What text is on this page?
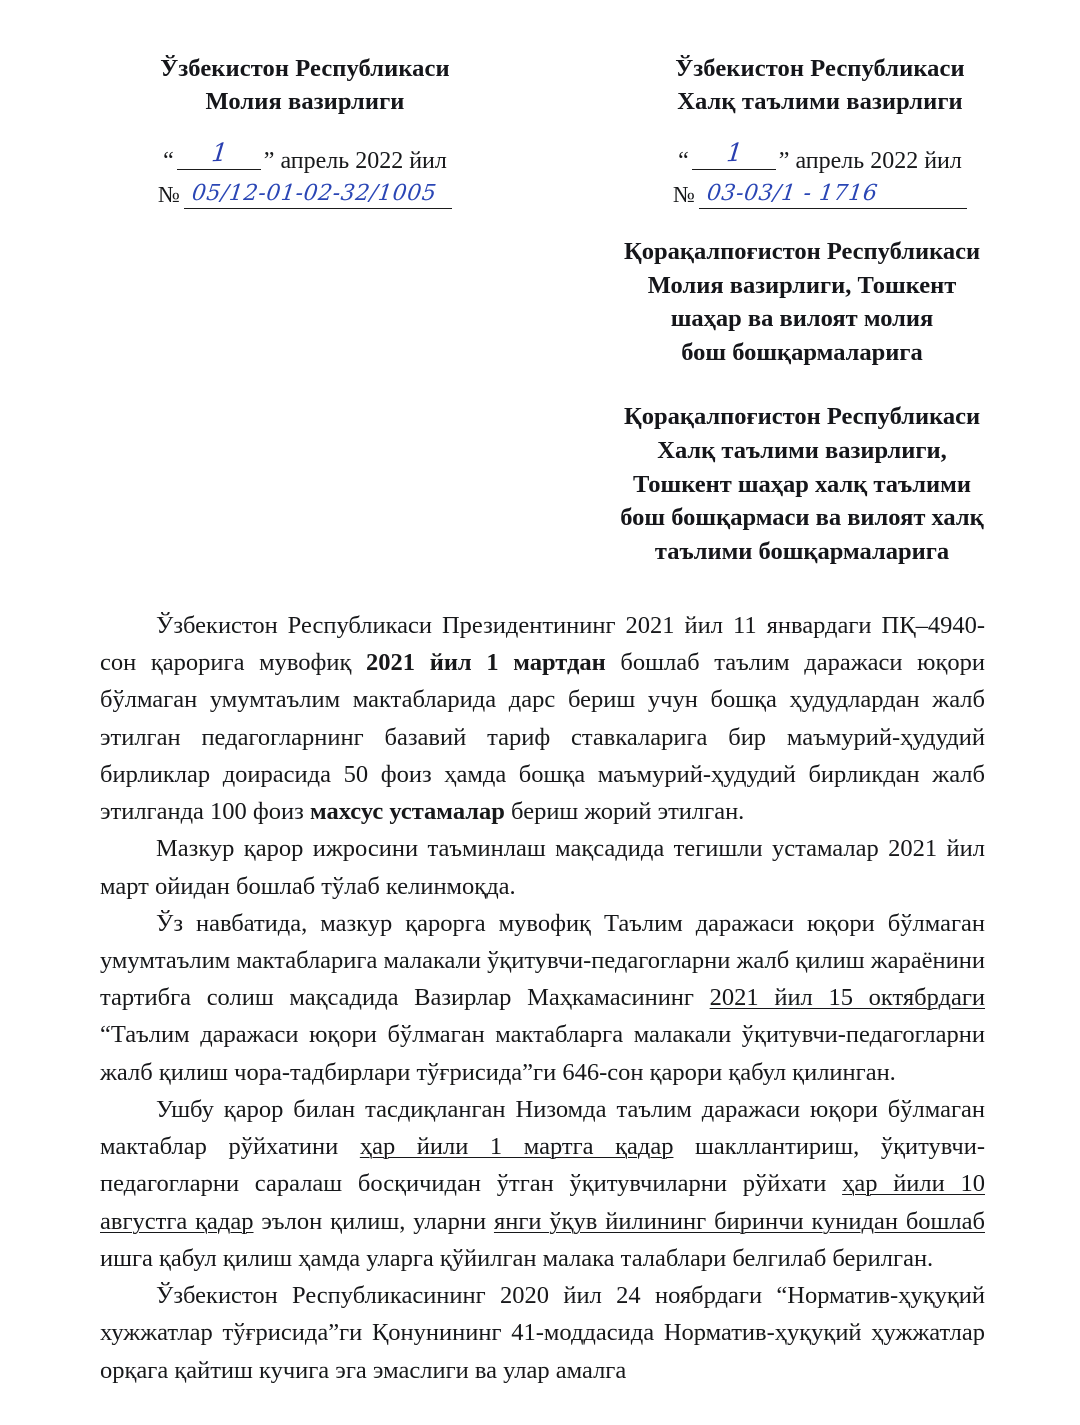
Ўзбекистон Республикаси
Молия вазирлиги
“	1	” апрель 2022 йил
№ 05/12-01-02-32/1005
Ўзбекистон Республикаси
Халқ таълими вазирлиги
“	1	” апрель 2022 йил
№ 03-03/1 - 1716
Қорақалпоғистон Республикаси
Молия вазирлиги, Тошкент
шаҳар ва вилоят молия
бош бошқармаларига
Қорақалпоғистон Республикаси
Халқ таълими вазирлиги,
Тошкент шаҳар халқ таълими
бош бошқармаси ва вилоят халқ
таълими бошқармаларига

Ўзбекистон Республикаси Президентининг 2021 йил 11 январдаги ПҚ–4940-сон қарорига мувофиқ 2021 йил 1 мартдан бошлаб таълим даражаси юқори бўлмаган умумтаълим мактабларида дарс бериш учун бошқа ҳудудлардан жалб этилган педагогларнинг базавий тариф ставкаларига бир маъмурий-ҳудудий бирликлар доирасида 50 фоиз ҳамда бошқа маъмурий-ҳудудий бирликдан жалб этилганда 100 фоиз махсус устамалар бериш жорий этилган.

Мазкур қарор ижросини таъминлаш мақсадида тегишли устамалар 2021 йил март ойидан бошлаб тўлаб келинмоқда.

Ўз навбатида, мазкур қарорга мувофиқ Таълим даражаси юқори бўлмаган умумтаълим мактабларига малакали ўқитувчи-педагогларни жалб қилиш жараёнини тартибга солиш мақсадида Вазирлар Маҳкамасининг 2021 йил 15 октябрдаги “Таълим даражаси юқори бўлмаган мактабларга малакали ўқитувчи-педагогларни жалб қилиш чора-тадбирлари тўғрисида”ги 646-сон қарори қабул қилинган.

Ушбу қарор билан тасдиқланган Низомда таълим даражаси юқори бўлмаган мактаблар рўйхатини ҳар йили 1 мартга қадар шакллантириш, ўқитувчи-педагогларни саралаш босқичидан ўтган ўқитувчиларни рўйхати ҳар йили 10 августга қадар эълон қилиш, уларни янги ўқув йилининг биринчи кунидан бошлаб ишга қабул қилиш ҳамда уларга қўйилган малака талаблари белгилаб берилган.

Ўзбекистон Республикасининг 2020 йил 24 ноябрдаги “Норматив-ҳуқуқий хужжатлар тўғрисида”ги Қонунининг 41-моддасида Норматив-ҳуқуқий ҳужжатлар орқага қайтиш кучига эга эмаслиги ва улар амалга
